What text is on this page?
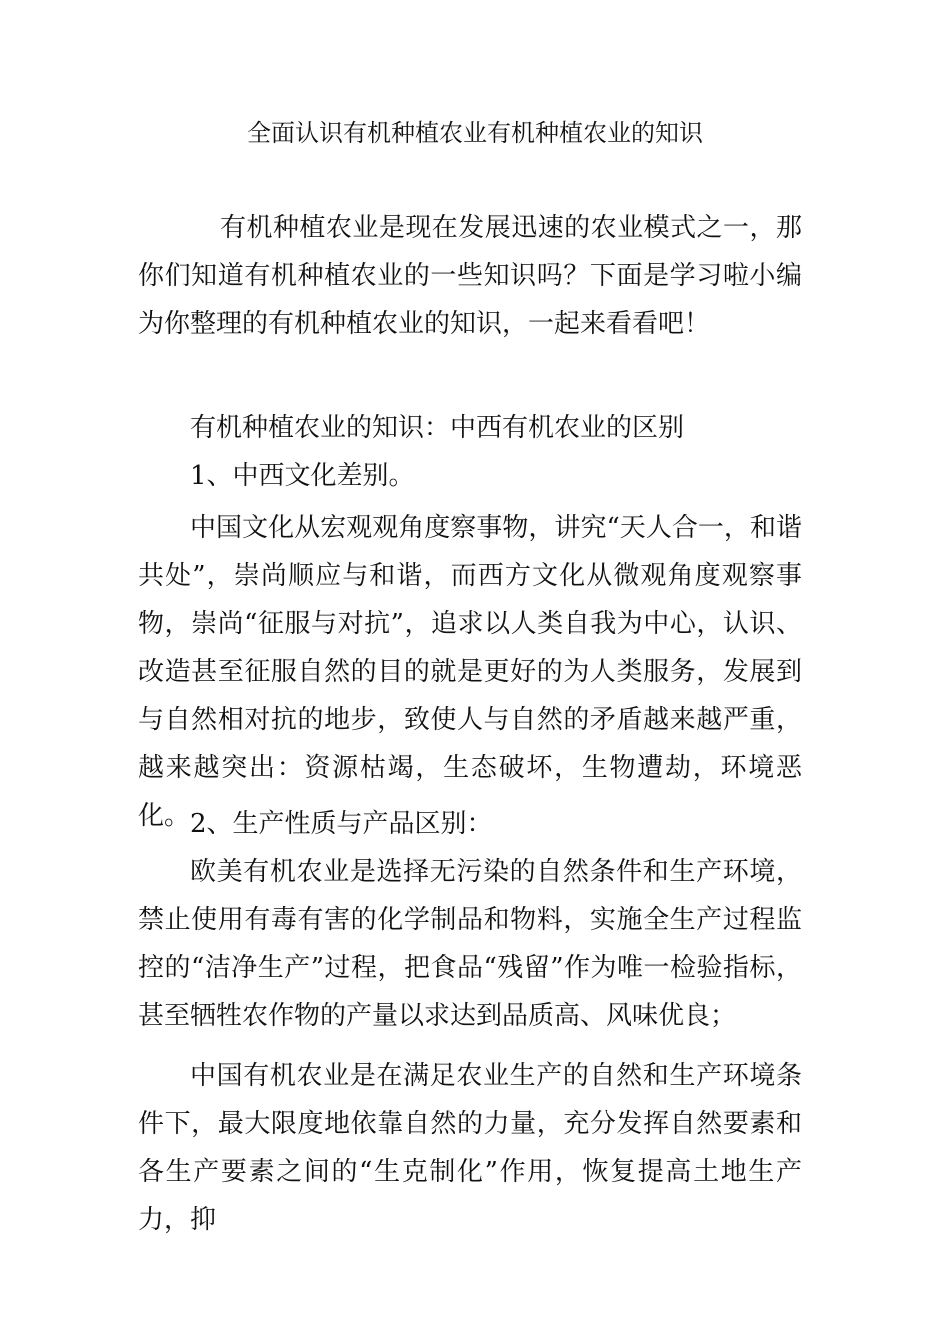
全面认识有机种植农业有机种植农业的知识

有机种植农业是现在发展迅速的农业模式之一，那你们知道有机种植农业的一些知识吗？下面是学习啦小编为你整理的有机种植农业的知识，一起来看看吧！

有机种植农业的知识：中西有机农业的区别

1、中西文化差别。

中国文化从宏观观角度察事物，讲究“天人合一，和谐共处”，崇尚顺应与和谐，而西方文化从微观角度观察事物，崇尚“征服与对抗”，追求以人类自我为中心，认识、改造甚至征服自然的目的就是更好的为人类服务，发展到与自然相对抗的地步，致使人与自然的矛盾越来越严重，越来越突出：资源枯竭，生态破坏，生物遭劫，环境恶化。 2、生产性质与产品区别：

欧美有机农业是选择无污染的自然条件和生产环境，禁止使用有毒有害的化学制品和物料，实施全生产过程监控的“洁净生产”过程，把食品“残留”作为唯一检验指标，甚至牺牲农作物的产量以求达到品质高、风味优良；

中国有机农业是在满足农业生产的自然和生产环境条件下，最大限度地依靠自然的力量，充分发挥自然要素和各生产要素之间的“生克制化”作用，恢复提高土地生产力，抑
